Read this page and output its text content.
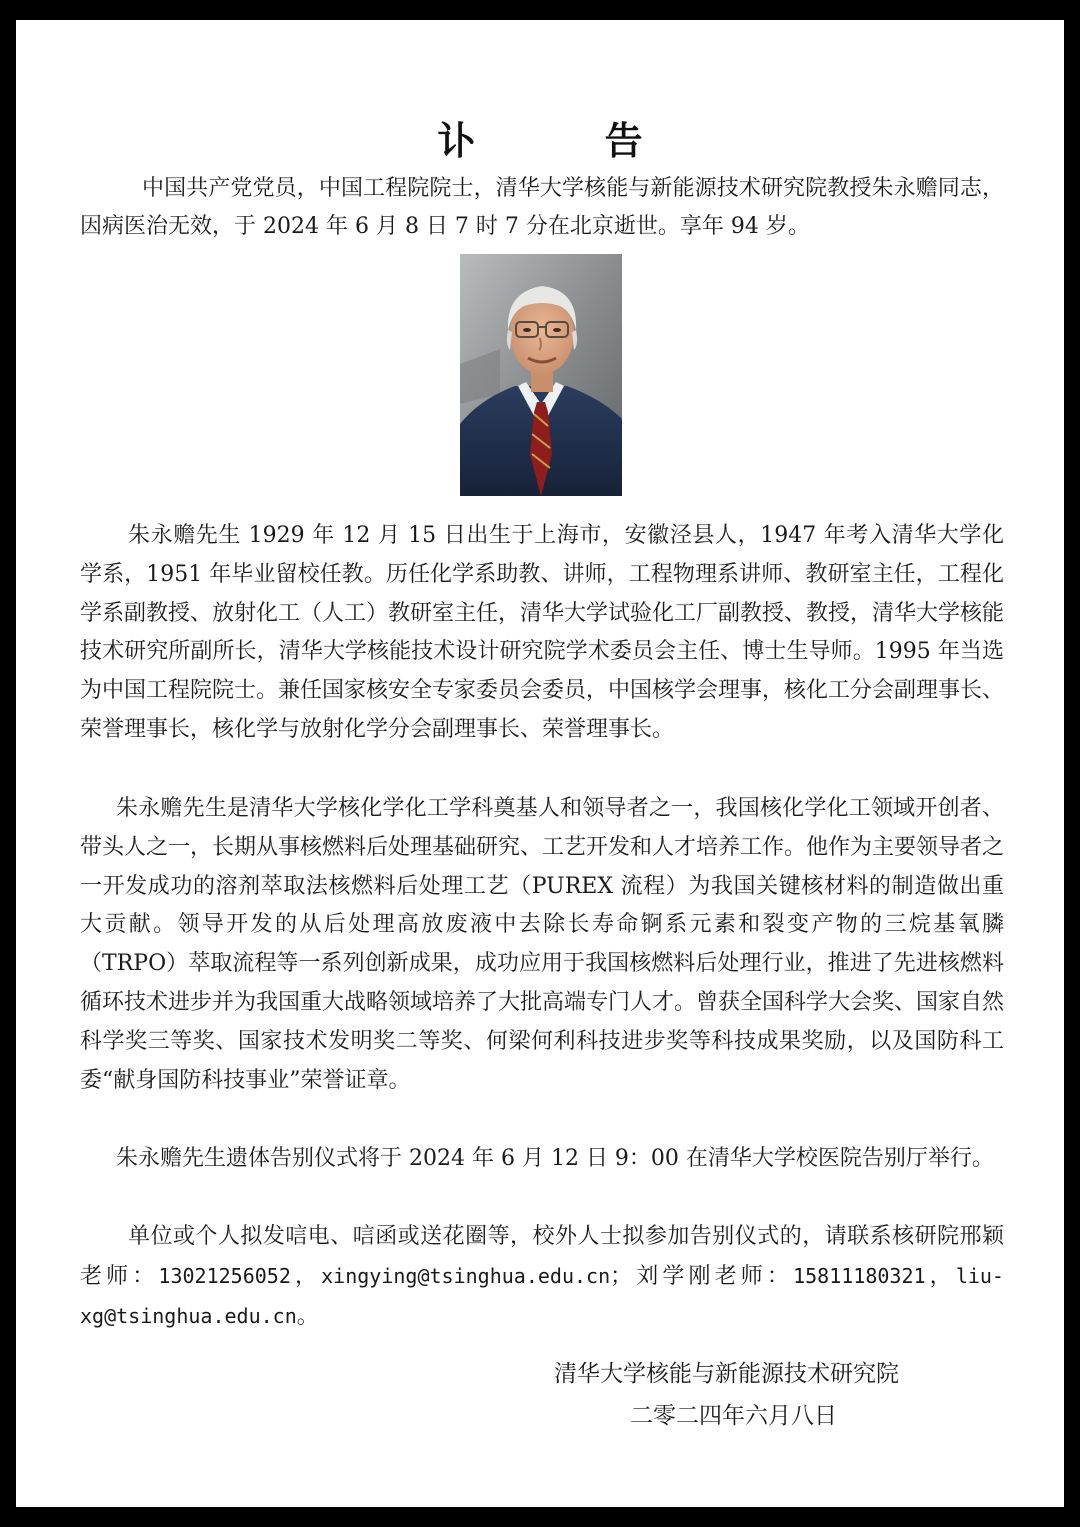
讣 告

中国共产党党员，中国工程院院士，清华大学核能与新能源技术研究院教授朱永赡同志，因病医治无效，于 2024 年 6 月 8 日 7 时 7 分在北京逝世。享年 94 岁。

朱永赡先生 1929 年 12 月 15 日出生于上海市，安徽泾县人，1947 年考入清华大学化学系，1951 年毕业留校任教。历任化学系助教、讲师，工程物理系讲师、教研室主任，工程化学系副教授、放射化工（人工）教研室主任，清华大学试验化工厂副教授、教授，清华大学核能技术研究所副所长，清华大学核能技术设计研究院学术委员会主任、博士生导师。1995 年当选为中国工程院院士。兼任国家核安全专家委员会委员，中国核学会理事，核化工分会副理事长、荣誉理事长，核化学与放射化学分会副理事长、荣誉理事长。

朱永赡先生是清华大学核化学化工学科奠基人和领导者之一，我国核化学化工领域开创者、带头人之一，长期从事核燃料后处理基础研究、工艺开发和人才培养工作。他作为主要领导者之一开发成功的溶剂萃取法核燃料后处理工艺（PUREX 流程）为我国关键核材料的制造做出重大贡献。领导开发的从后处理高放废液中去除长寿命锕系元素和裂变产物的三烷基氧膦（TRPO）萃取流程等一系列创新成果，成功应用于我国核燃料后处理行业，推进了先进核燃料循环技术进步并为我国重大战略领域培养了大批高端专门人才。曾获全国科学大会奖、国家自然科学奖三等奖、国家技术发明奖二等奖、何梁何利科技进步奖等科技成果奖励，以及国防科工委“献身国防科技事业”荣誉证章。

朱永赡先生遗体告别仪式将于 2024 年 6 月 12 日 9：00 在清华大学校医院告别厅举行。

单位或个人拟发唁电、唁函或送花圈等，校外人士拟参加告别仪式的，请联系核研院邢颖老师：13021256052，xingying@tsinghua.edu.cn；刘学刚老师：15811180321，liu-xg@tsinghua.edu.cn。

清华大学核能与新能源技术研究院

二零二四年六月八日
